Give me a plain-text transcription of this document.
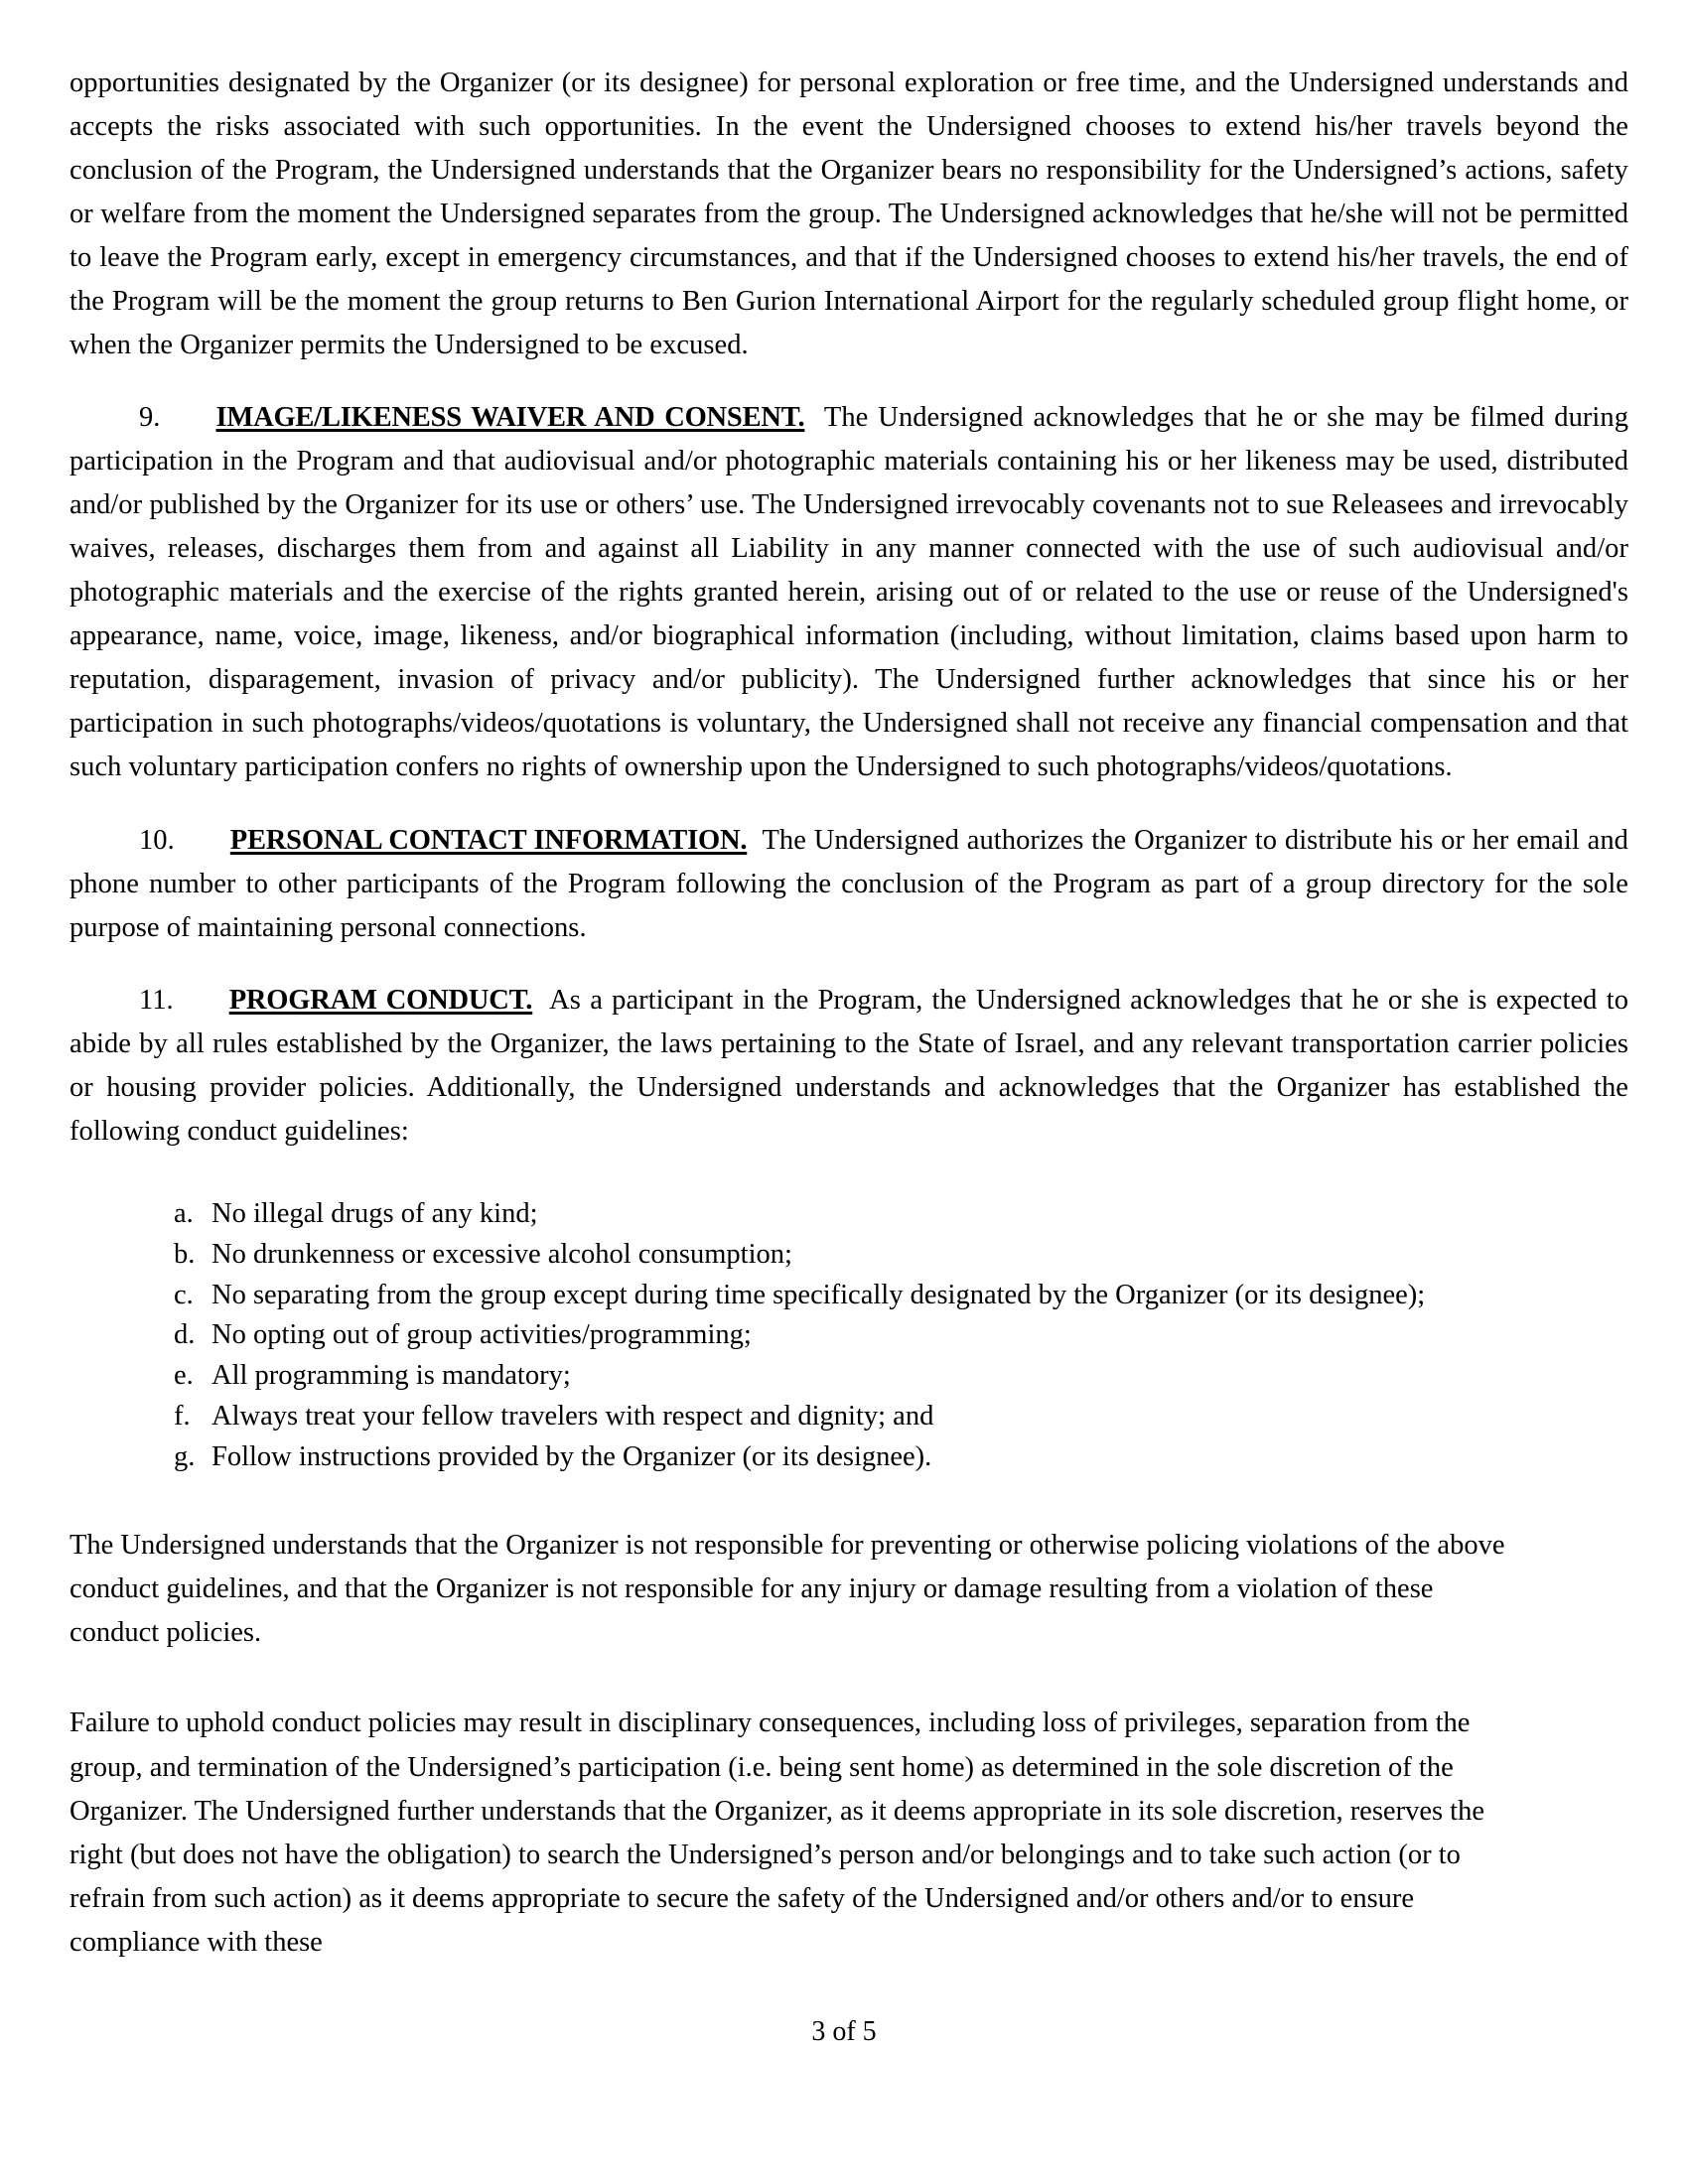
opportunities designated by the Organizer (or its designee) for personal exploration or free time, and the Undersigned understands and accepts the risks associated with such opportunities. In the event the Undersigned chooses to extend his/her travels beyond the conclusion of the Program, the Undersigned understands that the Organizer bears no responsibility for the Undersigned’s actions, safety or welfare from the moment the Undersigned separates from the group. The Undersigned acknowledges that he/she will not be permitted to leave the Program early, except in emergency circumstances, and that if the Undersigned chooses to extend his/her travels, the end of the Program will be the moment the group returns to Ben Gurion International Airport for the regularly scheduled group flight home, or when the Organizer permits the Undersigned to be excused.

9. IMAGE/LIKENESS WAIVER AND CONSENT. The Undersigned acknowledges that he or she may be filmed during participation in the Program and that audiovisual and/or photographic materials containing his or her likeness may be used, distributed and/or published by the Organizer for its use or others’ use. The Undersigned irrevocably covenants not to sue Releasees and irrevocably waives, releases, discharges them from and against all Liability in any manner connected with the use of such audiovisual and/or photographic materials and the exercise of the rights granted herein, arising out of or related to the use or reuse of the Undersigned's appearance, name, voice, image, likeness, and/or biographical information (including, without limitation, claims based upon harm to reputation, disparagement, invasion of privacy and/or publicity). The Undersigned further acknowledges that since his or her participation in such photographs/videos/quotations is voluntary, the Undersigned shall not receive any financial compensation and that such voluntary participation confers no rights of ownership upon the Undersigned to such photographs/videos/quotations.

10. PERSONAL CONTACT INFORMATION. The Undersigned authorizes the Organizer to distribute his or her email and phone number to other participants of the Program following the conclusion of the Program as part of a group directory for the sole purpose of maintaining personal connections.

11. PROGRAM CONDUCT. As a participant in the Program, the Undersigned acknowledges that he or she is expected to abide by all rules established by the Organizer, the laws pertaining to the State of Israel, and any relevant transportation carrier policies or housing provider policies. Additionally, the Undersigned understands and acknowledges that the Organizer has established the following conduct guidelines:

a. No illegal drugs of any kind;
b. No drunkenness or excessive alcohol consumption;
c. No separating from the group except during time specifically designated by the Organizer (or its designee);
d. No opting out of group activities/programming;
e. All programming is mandatory;
f. Always treat your fellow travelers with respect and dignity; and
g. Follow instructions provided by the Organizer (or its designee).

The Undersigned understands that the Organizer is not responsible for preventing or otherwise policing violations of the above conduct guidelines, and that the Organizer is not responsible for any injury or damage resulting from a violation of these conduct policies.

Failure to uphold conduct policies may result in disciplinary consequences, including loss of privileges, separation from the group, and termination of the Undersigned’s participation (i.e. being sent home) as determined in the sole discretion of the Organizer. The Undersigned further understands that the Organizer, as it deems appropriate in its sole discretion, reserves the right (but does not have the obligation) to search the Undersigned’s person and/or belongings and to take such action (or to refrain from such action) as it deems appropriate to secure the safety of the Undersigned and/or others and/or to ensure compliance with these

3 of 5
